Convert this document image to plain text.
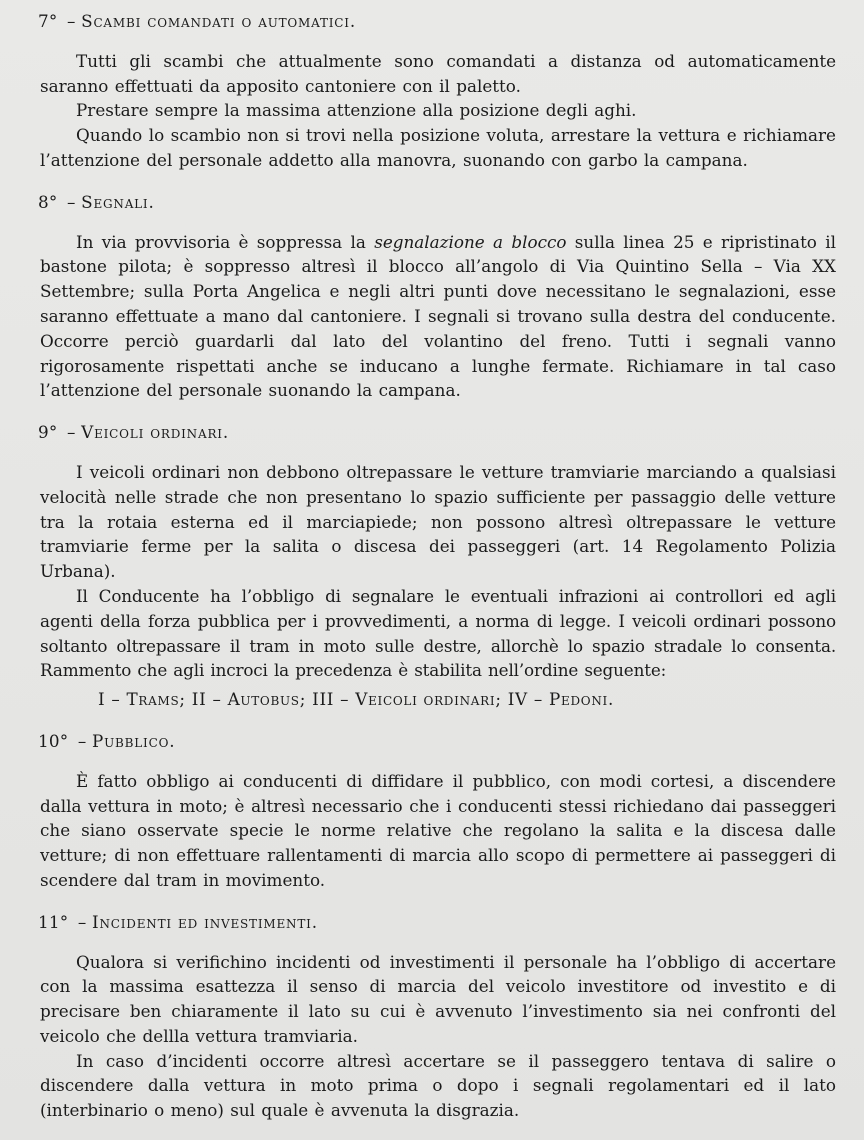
7° – Scambi comandati o automatici.

Tutti gli scambi che attualmente sono comandati a distanza od automaticamente saranno effettuati da apposito cantoniere con il paletto.

Prestare sempre la massima attenzione alla posizione degli aghi.

Quando lo scambio non si trovi nella posizione voluta, arrestare la vettura e richiamare l’attenzione del personale addetto alla manovra, suonando con garbo la campana.

8° – Segnali.

In via provvisoria è soppressa la segnalazione a blocco sulla linea 25 e ripristinato il bastone pilota; è soppresso altresì il blocco all’angolo di Via Quintino Sella – Via XX Settembre; sulla Porta Angelica e negli altri punti dove necessitano le segnalazioni, esse saranno effettuate a mano dal cantoniere. I segnali si trovano sulla destra del conducente. Occorre perciò guardarli dal lato del volantino del freno. Tutti i segnali vanno rigorosamente rispettati anche se inducano a lunghe fermate. Richiamare in tal caso l’attenzione del personale suonando la campana.

9° – Veicoli ordinari.

I veicoli ordinari non debbono oltrepassare le vetture tramviarie marciando a qualsiasi velocità nelle strade che non presentano lo spazio sufficiente per passaggio delle vetture tra la rotaia esterna ed il marciapiede; non possono altresì oltrepassare le vetture tramviarie ferme per la salita o discesa dei passeggeri (art. 14 Regolamento Polizia Urbana).

Il Conducente ha l’obbligo di segnalare le eventuali infrazioni ai controllori ed agli agenti della forza pubblica per i provvedimenti, a norma di legge. I veicoli ordinari possono soltanto oltrepassare il tram in moto sulle destre, allorchè lo spazio stradale lo consenta. Rammento che agli incroci la precedenza è stabilita nell’ordine seguente:

I – Trams; II – Autobus; III – Veicoli ordinari; IV – Pedoni.
10° – Pubblico.

È fatto obbligo ai conducenti di diffidare il pubblico, con modi cortesi, a discendere dalla vettura in moto; è altresì necessario che i conducenti stessi richiedano dai passeggeri che siano osservate specie le norme relative che regolano la salita e la discesa dalle vetture; di non effettuare rallentamenti di marcia allo scopo di permettere ai passeggeri di scendere dal tram in movimento.

11° – Incidenti ed investimenti.

Qualora si verifichino incidenti od investimenti il personale ha l’obbligo di accertare con la massima esattezza il senso di marcia del veicolo investitore od investito e di precisare ben chiaramente il lato su cui è avvenuto l’investimento sia nei confronti del veicolo che dellla vettura tramviaria.

In caso d’incidenti occorre altresì accertare se il passeggero tentava di salire o discendere dalla vettura in moto prima o dopo i segnali regolamentari ed il lato (interbinario o meno) sul quale è avvenuta la disgrazia.
